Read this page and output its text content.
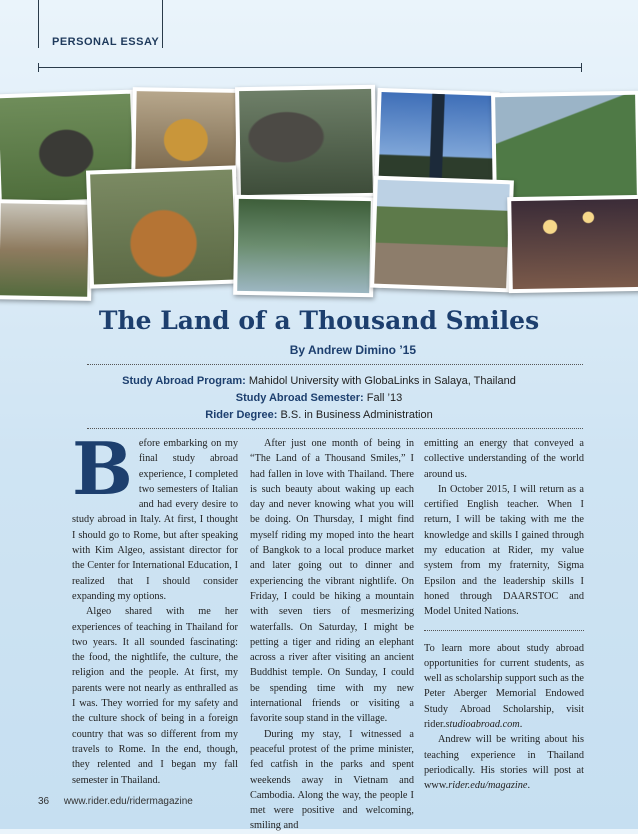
PERSONAL ESSAY
The Land of a Thousand Smiles
By Andrew Dimino ’15
Study Abroad Program: Mahidol University with GlobaLinks in Salaya, Thailand
Study Abroad Semester: Fall ’13
Rider Degree: B.S. in Business Administration

Before embarking on my final study abroad experience, I completed two semesters of Italian and had every desire to study abroad in Italy. At first, I thought I should go to Rome, but after speaking with Kim Algeo, assistant director for the Center for International Education, I realized that I should consider expanding my options.

Algeo shared with me her experiences of teaching in Thailand for two years. It all sounded fascinating: the food, the nightlife, the culture, the religion and the people. At first, my parents were not nearly as enthralled as I was. They worried for my safety and the culture shock of being in a foreign country that was so different from my travels to Rome. In the end, though, they relented and I began my fall semester in Thailand.

After just one month of being in “The Land of a Thousand Smiles,” I had fallen in love with Thailand. There is such beauty about waking up each day and never knowing what you will be doing. On Thursday, I might find myself riding my moped into the heart of Bangkok to a local produce market and later going out to dinner and experiencing the vibrant nightlife. On Friday, I could be hiking a mountain with seven tiers of mesmerizing waterfalls. On Saturday, I might be petting a tiger and riding an elephant across a river after visiting an ancient Buddhist temple. On Sunday, I could be spending time with my new international friends or visiting a favorite soup stand in the village.

During my stay, I witnessed a peaceful protest of the prime minister, fed catfish in the parks and spent weekends away in Vietnam and Cambodia. Along the way, the people I met were positive and welcoming, smiling and

emitting an energy that conveyed a collective understanding of the world around us.

In October 2015, I will return as a certified English teacher. When I return, I will be taking with me the knowledge and skills I gained through my education at Rider, my value system from my fraternity, Sigma Epsilon and the leadership skills I honed through DAARSTOC and Model United Nations.

To learn more about study abroad opportunities for current students, as well as scholarship support such as the Peter Aberger Memorial Endowed Study Abroad Scholarship, visit rider.studioabroad.com.

Andrew will be writing about his teaching experience in Thailand periodically. His stories will post at www.rider.edu/magazine.

36 www.rider.edu/ridermagazine
